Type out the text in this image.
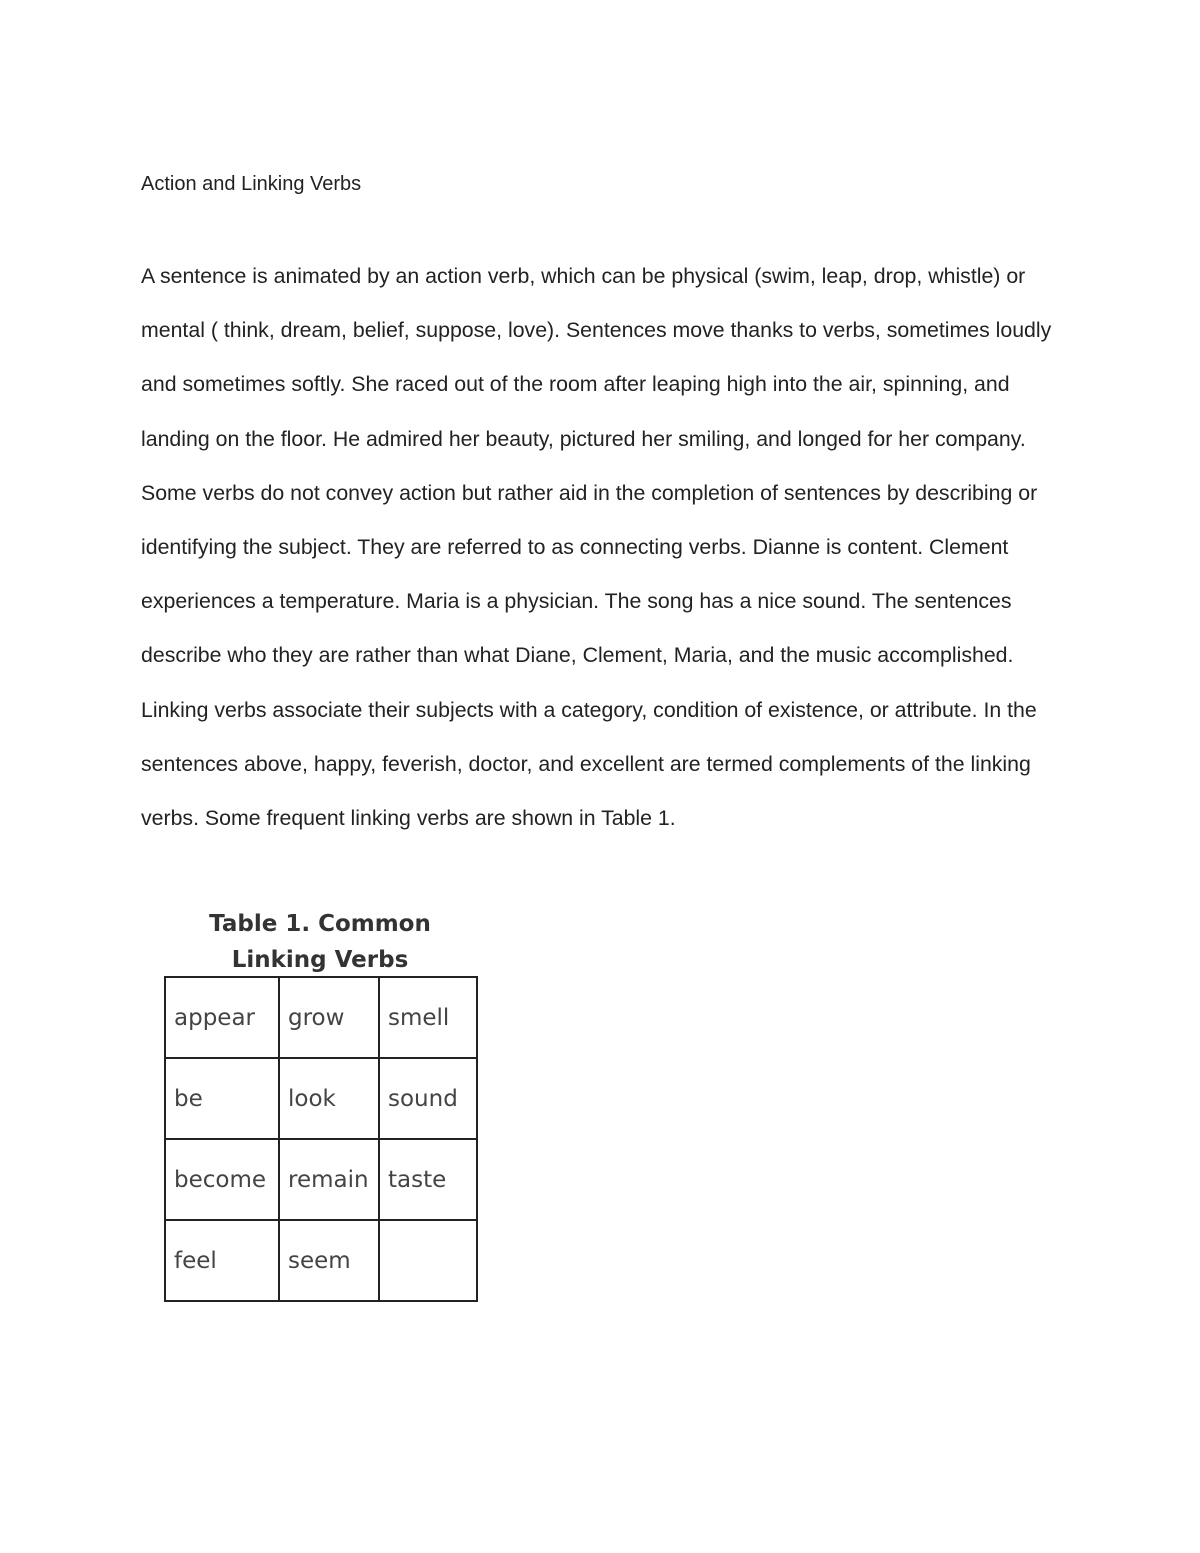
Action and Linking Verbs

A sentence is animated by an action verb, which can be physical (swim, leap, drop, whistle) or mental ( think, dream, belief, suppose, love). Sentences move thanks to verbs, sometimes loudly and sometimes softly. She raced out of the room after leaping high into the air, spinning, and landing on the floor. He admired her beauty, pictured her smiling, and longed for her company. Some verbs do not convey action but rather aid in the completion of sentences by describing or identifying the subject. They are referred to as connecting verbs. Dianne is content. Clement experiences a temperature. Maria is a physician. The song has a nice sound. The sentences describe who they are rather than what Diane, Clement, Maria, and the music accomplished. Linking verbs associate their subjects with a category, condition of existence, or attribute. In the sentences above, happy, feverish, doctor, and excellent are termed complements of the linking verbs. Some frequent linking verbs are shown in Table 1.

Table 1. Common
Linking Verbs
appear	grow	smell
be	look	sound
become	remain	taste
feel	seem	
